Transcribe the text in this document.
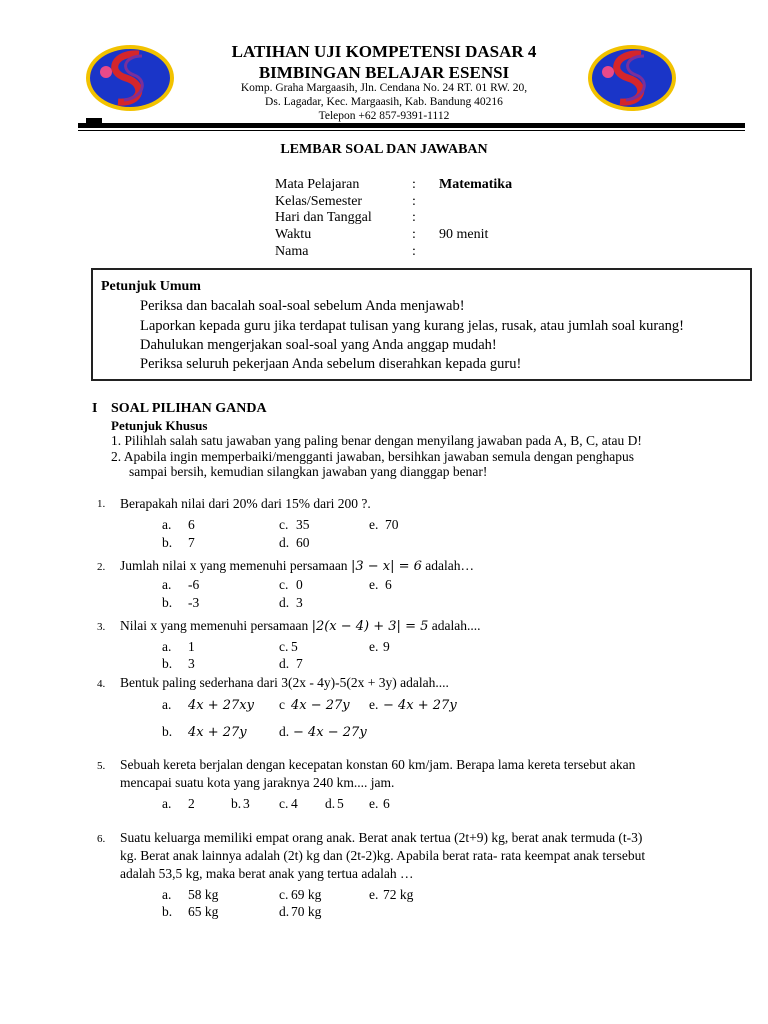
LATIHAN UJI KOMPETENSI DASAR 4
BIMBINGAN BELAJAR ESENSI
Komp. Graha Margaasih, Jln. Cendana No. 24 RT. 01 RW. 20,
Ds. Lagadar, Kec. Margaasih, Kab. Bandung 40216
Telepon +62 857-9391-1112
LEMBAR SOAL DAN JAWABAN
Mata Pelajaran	: Matematika
Kelas/Semester	:
Hari dan Tanggal	:
Waktu	: 90 menit
Nama	:
Petunjuk Umum
Periksa dan bacalah soal-soal sebelum Anda menjawab!
Laporkan kepada guru jika terdapat tulisan yang kurang jelas, rusak, atau jumlah soal kurang!
Dahulukan mengerjakan soal-soal yang Anda anggap mudah!
Periksa seluruh pekerjaan Anda sebelum diserahkan kepada guru!
I SOAL PILIHAN GANDA
Petunjuk Khusus
1. Pilihlah salah satu jawaban yang paling benar dengan menyilang jawaban pada A, B, C, atau D!
2. Apabila ingin memperbaiki/mengganti jawaban, bersihkan jawaban semula dengan penghapus
sampai bersih, kemudian silangkan jawaban yang dianggap benar!
1. Berapakah nilai dari 20% dari 15% dari 200 ?.
a. 6	c. 35	e. 70
b. 7	d. 60
2. Jumlah nilai x yang memenuhi persamaan |3 − x| = 6 adalah…
a. -6	c. 0	e. 6
b. -3	d. 3
3. Nilai x yang memenuhi persamaan |2(x − 4) + 3| = 5 adalah....
a. 1	c. 5	e. 9
b. 3	d. 7
4. Bentuk paling sederhana dari 3(2x - 4y)-5(2x + 3y) adalah....
a. 4x + 27xy c 4x − 27y e. − 4x + 27y
b. 4x + 27y d. − 4x − 27y
5. Sebuah kereta berjalan dengan kecepatan konstan 60 km/jam. Berapa lama kereta tersebut akan
mencapai suatu kota yang jaraknya 240 km.... jam.
a. 2	b. 3 c. 4 d. 5 e. 6
6. Suatu keluarga memiliki empat orang anak. Berat anak tertua (2t+9) kg, berat anak termuda (t-3)
kg. Berat anak lainnya adalah (2t) kg dan (2t-2)kg. Apabila berat rata- rata keempat anak tersebut
adalah 53,5 kg, maka berat anak yang tertua adalah …
a. 58 kg	c. 69 kg	e. 72 kg
b. 65 kg	d. 70 kg
